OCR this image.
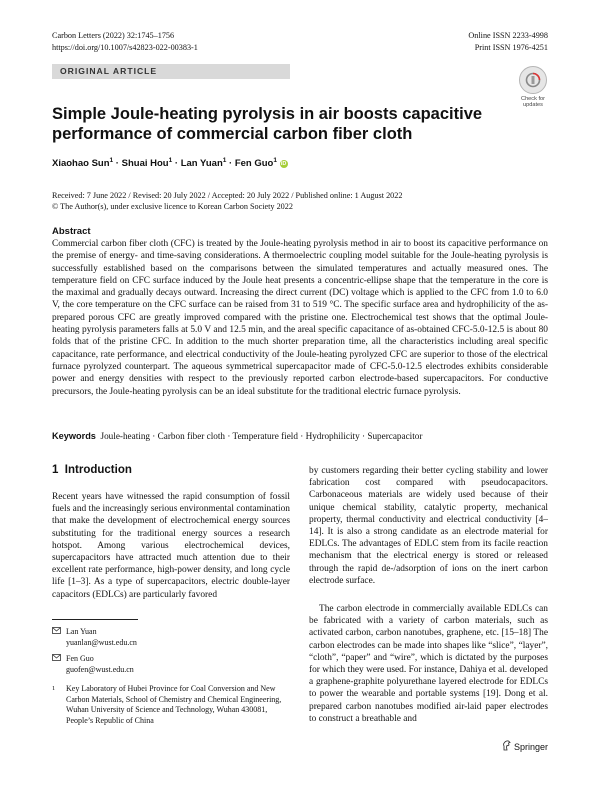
Carbon Letters (2022) 32:1745–1756
https://doi.org/10.1007/s42823-022-00383-1
Online ISSN 2233-4998
Print ISSN 1976-4251
ORIGINAL ARTICLE
Check for
updates
Simple Joule-heating pyrolysis in air boosts capacitive performance of commercial carbon fiber cloth
Xiaohao Sun$^1$ · Shuai Hou$^1$ · Lan Yuan$^1$ · Fen Guo$^1$ iD
Received: 7 June 2022 / Revised: 20 July 2022 / Accepted: 20 July 2022 / Published online: 1 August 2022
© The Author(s), under exclusive licence to Korean Carbon Society 2022
Abstract

Commercial carbon fiber cloth (CFC) is treated by the Joule-heating pyrolysis method in air to boost its capacitive performance on the premise of energy- and time-saving considerations. A thermoelectric coupling model suitable for the Joule-heating pyrolysis is successfully established based on the comparisons between the simulated temperatures and actually measured ones. The temperature field on CFC surface induced by the Joule heat presents a concentric-ellipse shape that the temperature in the core is the maximal and gradually decays outward. Increasing the direct current (DC) voltage which is applied to the CFC from 1.0 to 6.0 V, the core temperature on the CFC surface can be raised from 31 to 519 °C. The specific surface area and hydrophilicity of the as-prepared porous CFC are greatly improved compared with the pristine one. Electrochemical test shows that the optimal Joule-heating pyrolysis parameters falls at 5.0 V and 12.5 min, and the areal specific capacitance of as-obtained CFC-5.0-12.5 is about 80 folds that of the pristine CFC. In addition to the much shorter preparation time, all the characteristics including areal specific capacitance, rate performance, and electrical conductivity of the Joule-heating pyrolyzed CFC are superior to those of the electrical furnace pyrolyzed counterpart. The aqueous symmetrical supercapacitor made of CFC-5.0-12.5 electrodes exhibits considerable power and energy densities with respect to the previously reported carbon electrode-based supercapacitors. For conductive precursors, the Joule-heating pyrolysis can be an ideal substitute for the traditional electric furnace pyrolysis.

Keywords Joule-heating · Carbon fiber cloth · Temperature field · Hydrophilicity · Supercapacitor
1 Introduction

Recent years have witnessed the rapid consumption of fossil fuels and the increasingly serious environmental contamination that make the development of electrochemical energy sources substituting for the traditional energy sources a research hotspot. Among various electrochemical devices, supercapacitors have attracted much attention due to their excellent rate performance, high-power density, and long cycle life [1–3]. As a type of supercapacitors, electric double-layer capacitors (EDLCs) are particularly favored

by customers regarding their better cycling stability and lower fabrication cost compared with pseudocapacitors. Carbonaceous materials are widely used because of their unique chemical stability, catalytic property, mechanical property, thermal conductivity and electrical conductivity [4–14]. It is also a strong candidate as an electrode material for EDLCs. The advantages of EDLC stem from its facile reaction mechanism that the electrical energy is stored or released through the rapid de-/adsorption of ions on the inert carbon electrode surface.

The carbon electrode in commercially available EDLCs can be fabricated with a variety of carbon materials, such as activated carbon, carbon nanotubes, graphene, etc. [15–18] The carbon electrodes can be made into shapes like “slice”, “layer”, “cloth”, “paper” and “wire”, which is dictated by the purposes for which they were used. For instance, Dahiya et al. developed a graphene-graphite polyurethane layered electrode for EDLCs to power the wearable and portable systems [19]. Dong et al. prepared carbon nanotubes modified air-laid paper electrodes to construct a breathable and

Lan Yuan
yuanlan@wust.edu.cn
Fen Guo
guofen@wust.edu.cn
1	Key Laboratory of Hubei Province for Coal Conversion and New Carbon Materials, School of Chemistry and Chemical Engineering, Wuhan University of Science and Technology, Wuhan 430081, People’s Republic of China
Springer
